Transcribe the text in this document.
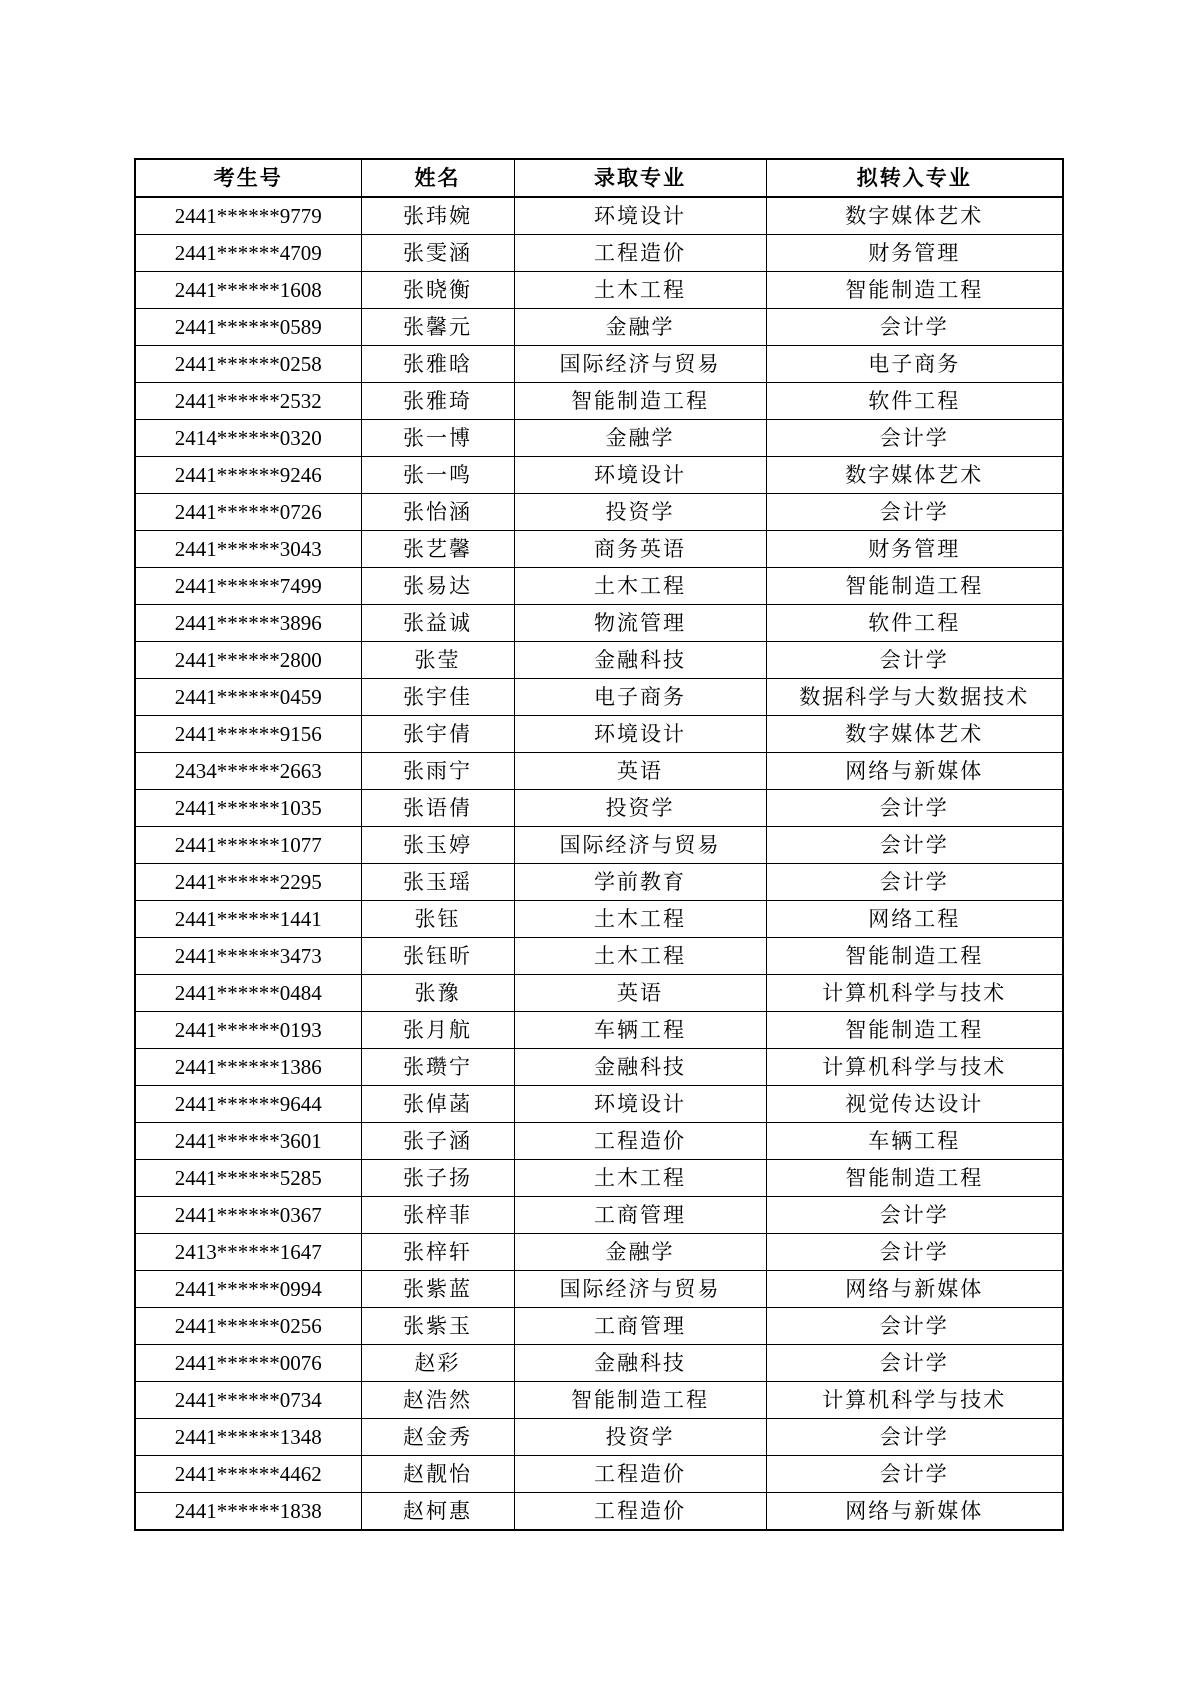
考生号	姓名	录取专业	拟转入专业
2441******9779	张玮婉	环境设计	数字媒体艺术
2441******4709	张雯涵	工程造价	财务管理
2441******1608	张晓衡	土木工程	智能制造工程
2441******0589	张馨元	金融学	会计学
2441******0258	张雅晗	国际经济与贸易	电子商务
2441******2532	张雅琦	智能制造工程	软件工程
2414******0320	张一博	金融学	会计学
2441******9246	张一鸣	环境设计	数字媒体艺术
2441******0726	张怡涵	投资学	会计学
2441******3043	张艺馨	商务英语	财务管理
2441******7499	张易达	土木工程	智能制造工程
2441******3896	张益诚	物流管理	软件工程
2441******2800	张莹	金融科技	会计学
2441******0459	张宇佳	电子商务	数据科学与大数据技术
2441******9156	张宇倩	环境设计	数字媒体艺术
2434******2663	张雨宁	英语	网络与新媒体
2441******1035	张语倩	投资学	会计学
2441******1077	张玉婷	国际经济与贸易	会计学
2441******2295	张玉瑶	学前教育	会计学
2441******1441	张钰	土木工程	网络工程
2441******3473	张钰昕	土木工程	智能制造工程
2441******0484	张豫	英语	计算机科学与技术
2441******0193	张月航	车辆工程	智能制造工程
2441******1386	张瓒宁	金融科技	计算机科学与技术
2441******9644	张倬菡	环境设计	视觉传达设计
2441******3601	张子涵	工程造价	车辆工程
2441******5285	张子扬	土木工程	智能制造工程
2441******0367	张梓菲	工商管理	会计学
2413******1647	张梓轩	金融学	会计学
2441******0994	张紫蓝	国际经济与贸易	网络与新媒体
2441******0256	张紫玉	工商管理	会计学
2441******0076	赵彩	金融科技	会计学
2441******0734	赵浩然	智能制造工程	计算机科学与技术
2441******1348	赵金秀	投资学	会计学
2441******4462	赵靓怡	工程造价	会计学
2441******1838	赵柯惠	工程造价	网络与新媒体
